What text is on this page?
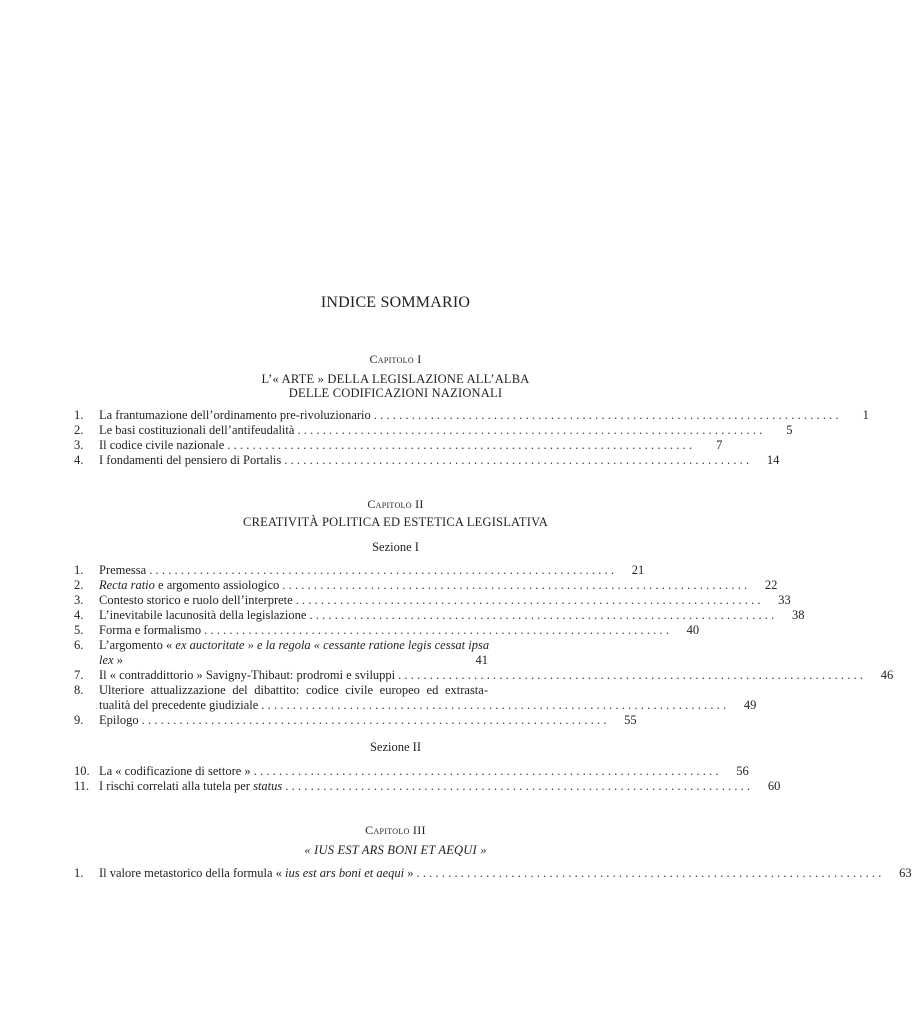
INDICE SOMMARIO
Capitolo I
L’« ARTE » DELLA LEGISLAZIONE ALL’ALBA
DELLE CODIFICAZIONI NAZIONALI
1.	La frantumazione dell’ordinamento pre-rivoluzionario ..........................................................................	1
2.	Le basi costituzionali dell’antifeudalità ..........................................................................	5
3.	Il codice civile nazionale ..........................................................................	7
4.	I fondamenti del pensiero di Portalis ..........................................................................	14
Capitolo II
CREATIVITÀ POLITICA ED ESTETICA LEGISLATIVA
Sezione I
1.	Premessa ..........................................................................	21
2.	Recta ratio e argomento assiologico ..........................................................................	22
3.	Contesto storico e ruolo dell’interprete ..........................................................................	33
4.	L’inevitabile lacunosità della legislazione ..........................................................................	38
5.	Forma e formalismo ..........................................................................	40
6.	L’argomento « ex auctoritate » e la regola « cessante ratione legis cessat ipsa
lex »	41
7.	Il « contraddittorio » Savigny-Thibaut: prodromi e sviluppi ..........................................................................	46
8.	Ulteriore attualizzazione del dibattito: codice civile europeo ed extrasta-
tualità del precedente giudiziale ..........................................................................	49
9.	Epilogo ..........................................................................	55
Sezione II
10. La « codificazione di settore » ..........................................................................	56
11. I rischi correlati alla tutela per status ..........................................................................	60
Capitolo III
« IUS EST ARS BONI ET AEQUI »
1.	Il valore metastorico della formula « ius est ars boni et aequi » ..........................................................................	63
